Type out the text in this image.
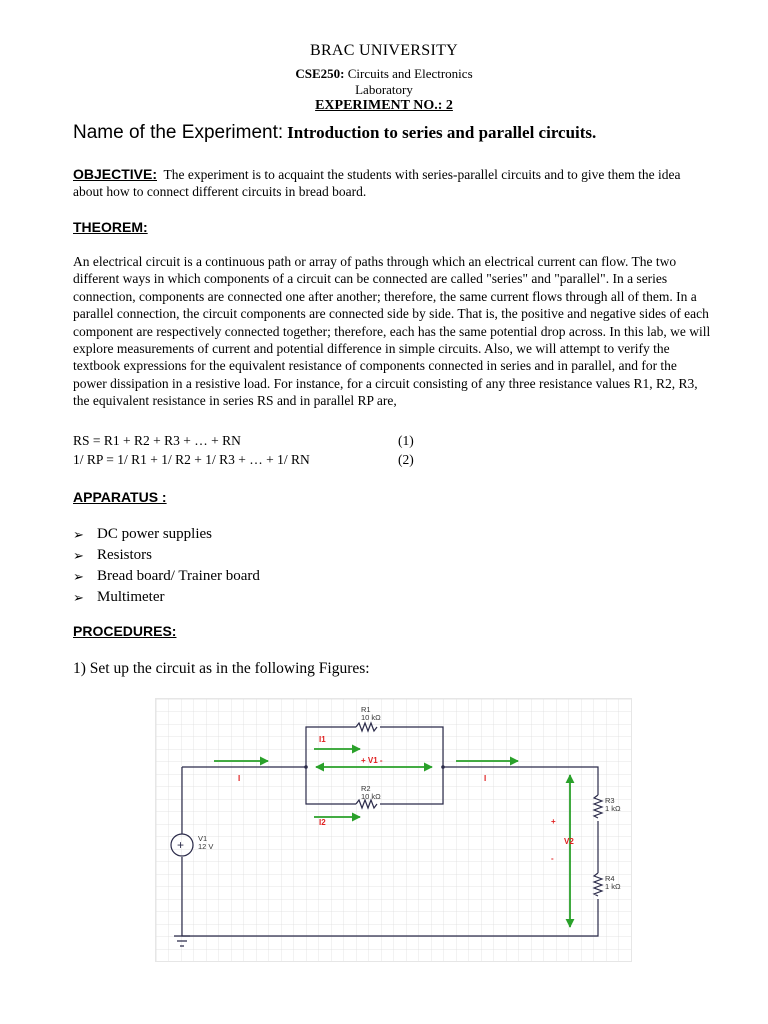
BRAC UNIVERSITY
CSE250: Circuits and Electronics
Laboratory
EXPERIMENT NO.: 2
Name of the Experiment: Introduction to series and parallel circuits.
OBJECTIVE: The experiment is to acquaint the students with series-parallel circuits and to give them the idea about how to connect different circuits in bread board.
THEOREM:
An electrical circuit is a continuous path or array of paths through which an electrical current can flow. The two different ways in which components of a circuit can be connected are called "series" and "parallel". In a series connection, components are connected one after another; therefore, the same current flows through all of them. In a parallel connection, the circuit components are connected side by side. That is, the positive and negative sides of each component are respectively connected together; therefore, each has the same potential drop across. In this lab, we will explore measurements of current and potential difference in simple circuits. Also, we will attempt to verify the textbook expressions for the equivalent resistance of components connected in series and in parallel, and for the power dissipation in a resistive load. For instance, for a circuit consisting of any three resistance values R1, R2, R3, the equivalent resistance in series RS and in parallel RP are,
RS = R1 + R2 + R3 + … + RN	(1)
1/ RP = 1/ R1 + 1/ R2 + 1/ R3 + … + 1/ RN	(2)
APPARATUS :
➢ DC power supplies
➢ Resistors
➢ Bread board/ Trainer board
➢ Multimeter
PROCEDURES:
1) Set up the circuit as in the following Figures:
+
R1
10 kΩ
R2
10 kΩ	R3
1 kΩ
R4
1 kΩ
V1
12 V
I	I
I1
I2
+ V1 -
V2
+
-
